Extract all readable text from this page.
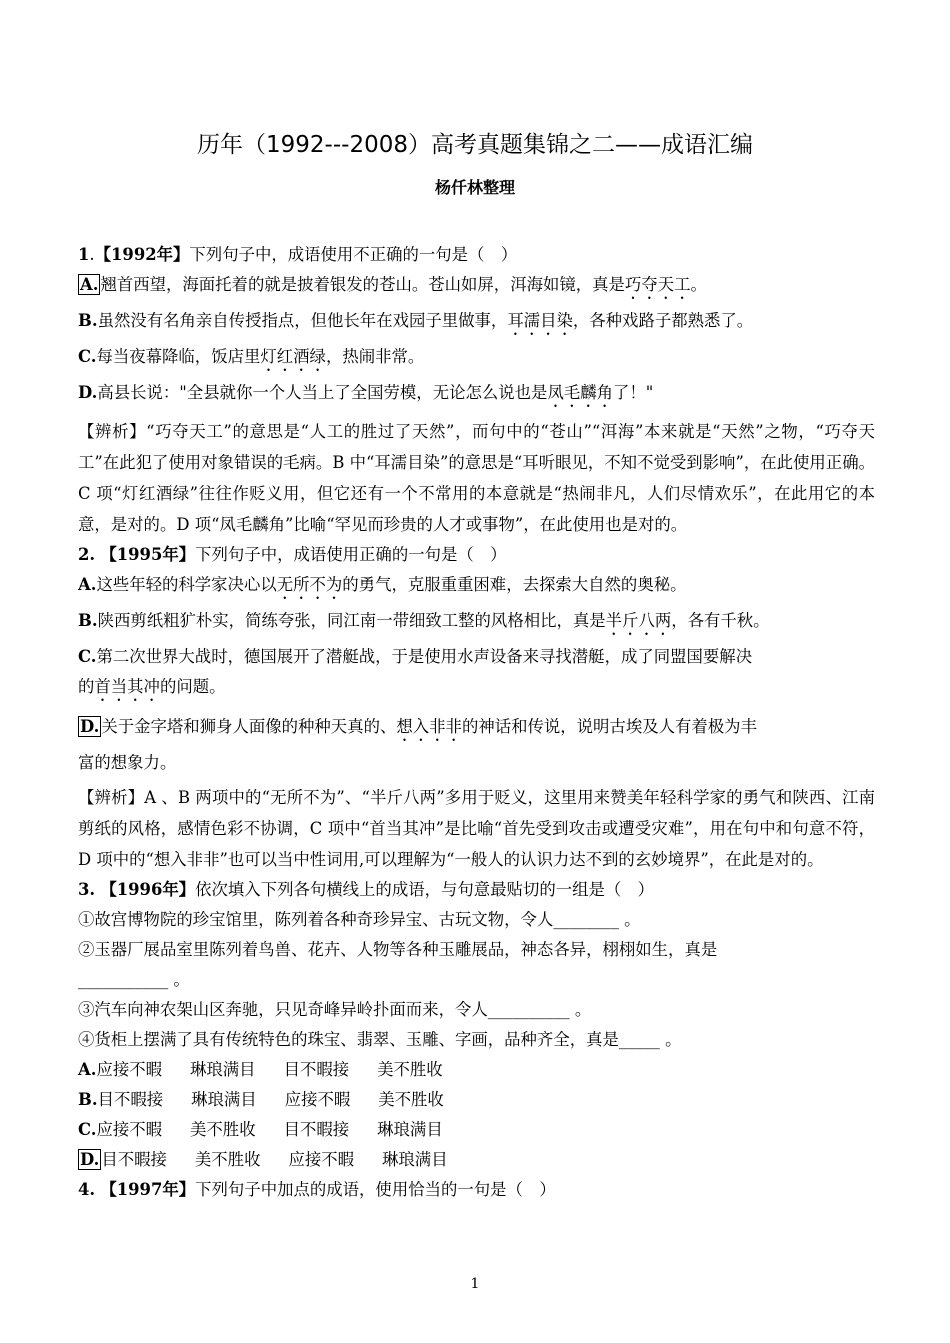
历年（1992---2008）高考真题集锦之二——成语汇编
杨仟林整理
1.【1992年】下列句子中，成语使用不正确的一句是（　）
A. 翘首西望，海面托着的就是披着银发的苍山。苍山如屏，洱海如镜，真是巧夺天工。
B.虽然没有名角亲自传授指点，但他长年在戏园子里做事，耳濡目染，各种戏路子都熟悉了。
C.每当夜幕降临，饭店里灯红酒绿，热闹非常。
D.高县长说："全县就你一个人当上了全国劳模，无论怎么说也是凤毛麟角了！"
【辨析】“巧夺天工”的意思是“人工的胜过了天然”，而句中的“苍山”“洱海”本来就是“天然”之物，“巧夺天工”在此犯了使用对象错误的毛病。B 中“耳濡目染”的意思是“耳听眼见，不知不觉受到影响”，在此使用正确。C 项“灯红酒绿”往往作贬义用，但它还有一个不常用的本意就是“热闹非凡，人们尽情欢乐”，在此用它的本意，是对的。D 项“凤毛麟角”比喻“罕见而珍贵的人才或事物”，在此使用也是对的。
2. 【1995年】下列句子中，成语使用正确的一句是（　）
A.这些年轻的科学家决心以无所不为的勇气，克服重重困难，去探索大自然的奥秘。
B.陕西剪纸粗犷朴实，简练夸张，同江南一带细致工整的风格相比，真是半斤八两，各有千秋。
C.第二次世界大战时，德国展开了潜艇战，于是使用水声设备来寻找潜艇，成了同盟国要解决
的首当其冲的问题。
D. 关于金字塔和狮身人面像的种种天真的、想入非非的神话和传说，说明古埃及人有着极为丰
富的想象力。
【辨析】A 、B 两项中的“无所不为”、“半斤八两”多用于贬义，这里用来赞美年轻科学家的勇气和陕西、江南剪纸的风格，感情色彩不协调，C 项中“首当其冲”是比喻“首先受到攻击或遭受灾难”，用在句中和句意不符，D 项中的“想入非非”也可以当中性词用,可以理解为“一般人的认识力达不到的玄妙境界”，在此是对的。
3. 【1996年】依次填入下列各句横线上的成语，与句意最贴切的一组是（　）
①故宫博物院的珍宝馆里，陈列着各种奇珍异宝、古玩文物，令人________ 。
②玉器厂展品室里陈列着鸟兽、花卉、人物等各种玉雕展品，神态各异，栩栩如生，真是
___________ 。
③汽车向神农架山区奔驰，只见奇峰异岭扑面而来，令人__________ 。
④货柜上摆满了具有传统特色的珠宝、翡翠、玉雕、字画，品种齐全，真是_____ 。
A.应接不暇 琳琅满目 目不暇接 美不胜收
B.目不暇接 琳琅满目 应接不暇 美不胜收
C.应接不暇 美不胜收 目不暇接 琳琅满目
D. 目不暇接 美不胜收 应接不暇 琳琅满目
4. 【1997年】下列句子中加点的成语，使用恰当的一句是（　）
1
